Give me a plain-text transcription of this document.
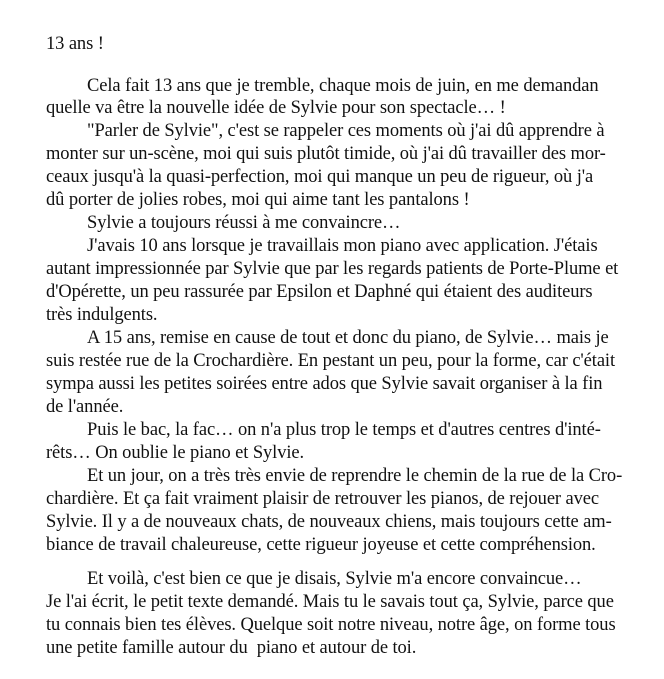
13 ans !
Cela fait 13 ans que je tremble, chaque mois de juin, en me demandan
quelle va être la nouvelle idée de Sylvie pour son spectacle… !
"Parler de Sylvie", c'est se rappeler ces moments où j'ai dû apprendre à
monter sur un-scène, moi qui suis plutôt timide, où j'ai dû travailler des mor-
ceaux jusqu'à la quasi-perfection, moi qui manque un peu de rigueur, où j'a
dû porter de jolies robes, moi qui aime tant les pantalons !
Sylvie a toujours réussi à me convaincre…
J'avais 10 ans lorsque je travaillais mon piano avec application. J'étais
autant impressionnée par Sylvie que par les regards patients de Porte-Plume et
d'Opérette, un peu rassurée par Epsilon et Daphné qui étaient des auditeurs
très indulgents.
A 15 ans, remise en cause de tout et donc du piano, de Sylvie… mais je
suis restée rue de la Crochardière. En pestant un peu, pour la forme, car c'était
sympa aussi les petites soirées entre ados que Sylvie savait organiser à la fin
de l'année.
Puis le bac, la fac… on n'a plus trop le temps et d'autres centres d'inté-
rêts… On oublie le piano et Sylvie.
Et un jour, on a très très envie de reprendre le chemin de la rue de la Cro-
chardière. Et ça fait vraiment plaisir de retrouver les pianos, de rejouer avec
Sylvie. Il y a de nouveaux chats, de nouveaux chiens, mais toujours cette am-
biance de travail chaleureuse, cette rigueur joyeuse et cette compréhension.
Et voilà, c'est bien ce que je disais, Sylvie m'a encore convaincue…
Je l'ai écrit, le petit texte demandé. Mais tu le savais tout ça, Sylvie, parce que
tu connais bien tes élèves. Quelque soit notre niveau, notre âge, on forme tous
une petite famille autour du  piano et autour de toi.
